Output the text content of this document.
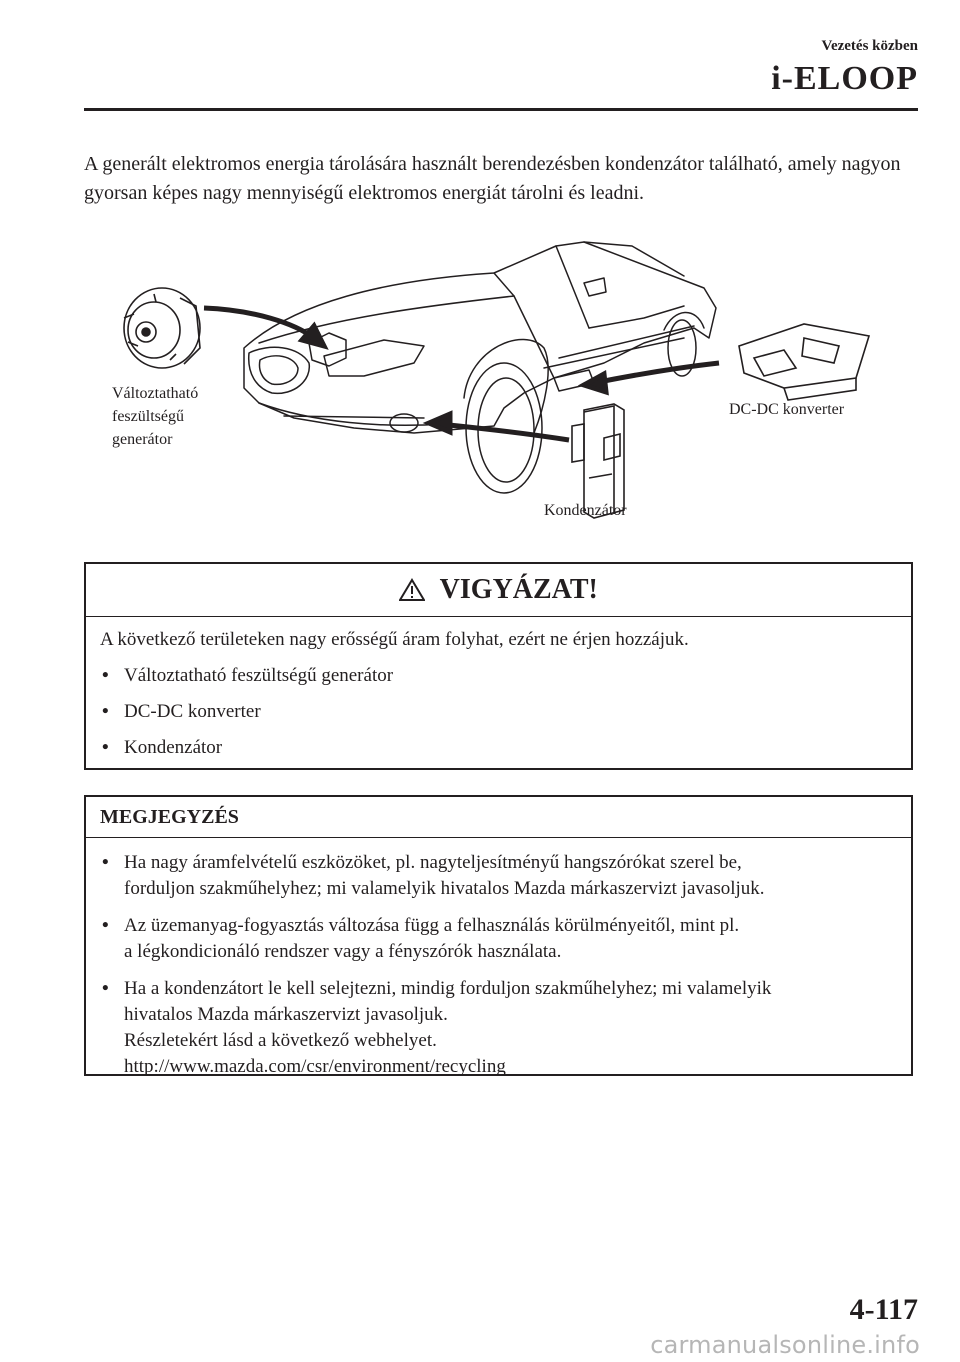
Vezetés közben
i-ELOOP
A generált elektromos energia tárolására használt berendezésben kondenzátor található, amely nagyon gyorsan képes nagy mennyiségű elektromos energiát tárolni és leadni.
Változtatható
feszültségű
generátor
DC-DC konverter
Kondenzátor
VIGYÁZAT!

A következő területeken nagy erősségű áram folyhat, ezért ne érjen hozzájuk.

• Változtatható feszültségű generátor
• DC-DC konverter
• Kondenzátor
MEGJEGYZÉS
• Ha nagy áramfelvételű eszközöket, pl. nagyteljesítményű hangszórókat szerel be,
forduljon szakműhelyhez; mi valamelyik hivatalos Mazda márkaszervizt javasoljuk.
• Az üzemanyag-fogyasztás változása függ a felhasználás körülményeitől, mint pl.
a légkondicionáló rendszer vagy a fényszórók használata.
• Ha a kondenzátort le kell selejtezni, mindig forduljon szakműhelyhez; mi valamelyik
hivatalos Mazda márkaszervizt javasoljuk.
Részletekért lásd a következő webhelyet.
http://www.mazda.com/csr/environment/recycling
4-117
carmanualsonline.info
